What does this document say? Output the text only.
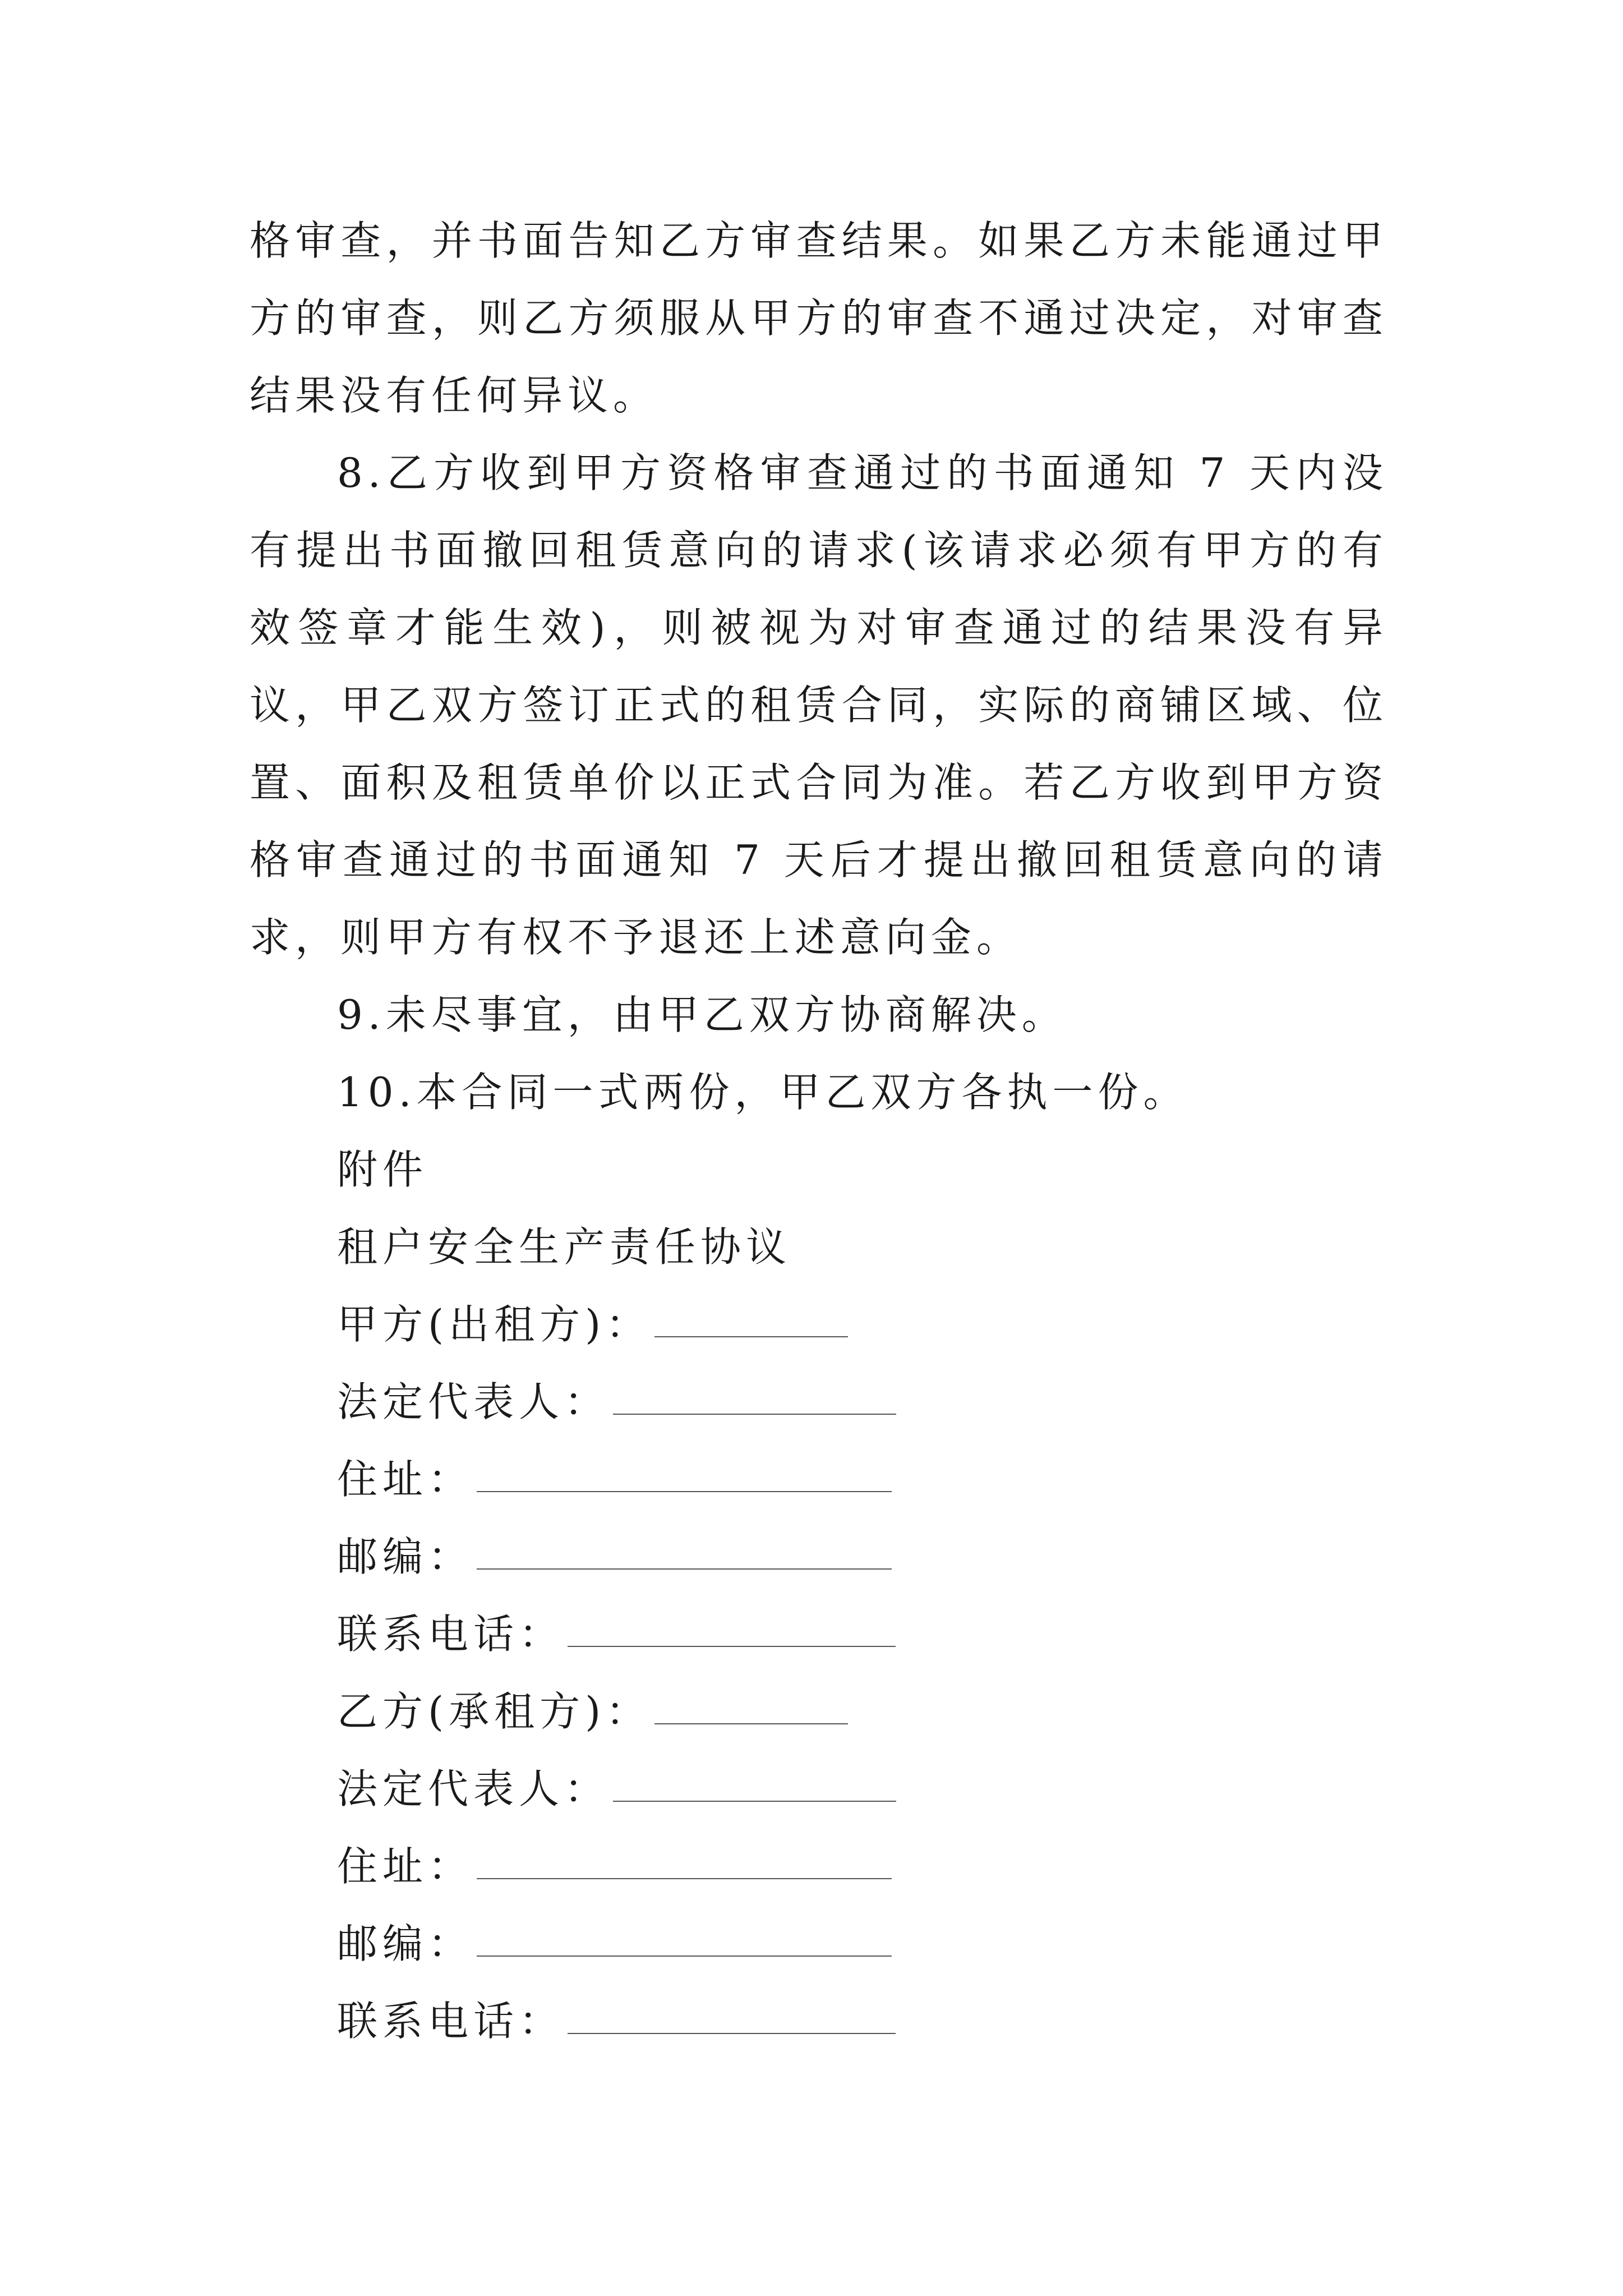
格审查，并书面告知乙方审查结果。如果乙方未能通过甲方的审查，则乙方须服从甲方的审查不通过决定，对审查结果没有任何异议。

8.乙方收到甲方资格审查通过的书面通知 7 天内没有提出书面撤回租赁意向的请求(该请求必须有甲方的有效签章才能生效)，则被视为对审查通过的结果没有异议，甲乙双方签订正式的租赁合同，实际的商铺区域、位置、面积及租赁单价以正式合同为准。若乙方收到甲方资格审查通过的书面通知 7 天后才提出撤回租赁意向的请求，则甲方有权不予退还上述意向金。

9.未尽事宜，由甲乙双方协商解决。

10.本合同一式两份，甲乙双方各执一份。

附件

租户安全生产责任协议

甲方(出租方)：
法定代表人：
住址：
邮编：
联系电话：
乙方(承租方)：
法定代表人：
住址：
邮编：
联系电话：
